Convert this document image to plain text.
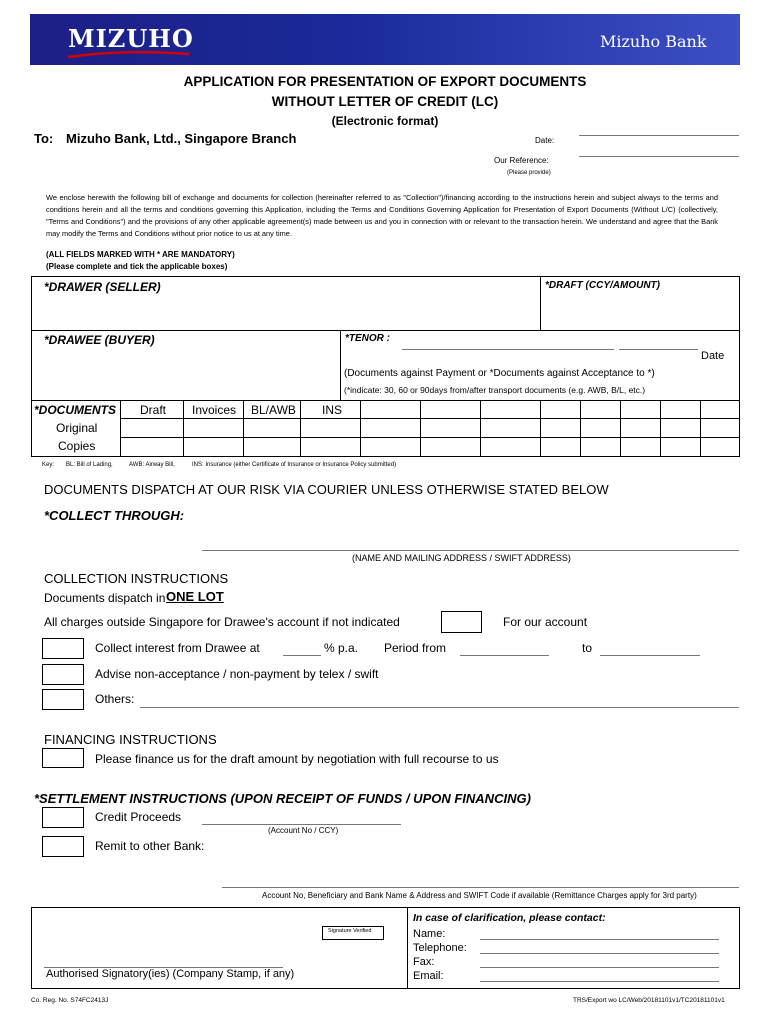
MIZUHO	Mizuho Bank
APPLICATION FOR PRESENTATION OF EXPORT DOCUMENTS
WITHOUT LETTER OF CREDIT (LC)
(Electronic format)
To: Mizuho Bank, Ltd., Singapore Branch	Date:
Our Reference:
(Please provide)
We enclose herewith the following bill of exchange and documents for collection (hereinafter referred to as "Collection")/financing according to the instructions herein and subject always to the terms and conditions herein and all the terms and conditions governing this Application, including the Terms and Conditions Governing Application for Presentation of Export Documents (Without L/C) (collectively, "Terms and Conditions") and the provisions of any other applicable agreement(s) made between us and you in connection with or relevant to the transaction herein. We understand and agree that the Bank may modify the Terms and Conditions without prior notice to us at any time.
(ALL FIELDS MARKED WITH * ARE MANDATORY)
(Please complete and tick the applicable boxes)
*DRAWER (SELLER)	*DRAFT (CCY/AMOUNT)
*DRAWEE (BUYER)	*TENOR :
Date
(Documents against Payment or *Documents against Acceptance to *)
(*indicate: 30, 60 or 90days from/after transport documents (e.g. AWB, B/L, etc.)
*DOCUMENTS Draft Invoices BL/AWB INS
Original
Copies
Key: BL: Bill of Lading,	AWB: Airway Bill,	INS: Insurance (either Certificate of Insurance or Insurance Policy submitted)
DOCUMENTS DISPATCH AT OUR RISK VIA COURIER UNLESS OTHERWISE STATED BELOW
*COLLECT THROUGH:
(NAME AND MAILING ADDRESS / SWIFT ADDRESS)
COLLECTION INSTRUCTIONS
Documents dispatch in ONE LOT
All charges outside Singapore for Drawee's account if not indicated	For our account
Collect interest from Drawee at	% p.a. Period from	to
Advise non-acceptance / non-payment by telex / swift
Others:
FINANCING INSTRUCTIONS
Please finance us for the draft amount by negotiation with full recourse to us
*SETTLEMENT INSTRUCTIONS (UPON RECEIPT OF FUNDS / UPON FINANCING)
Credit Proceeds
(Account No / CCY)
Remit to other Bank:
Account No, Beneficiary and Bank Name & Address and SWIFT Code if available (Remittance Charges apply for 3rd party)
Signature Verified
Authorised Signatory(ies) (Company Stamp, if any)
In case of clarification, please contact:
Name:
Telephone:
Fax:
Email:
Co. Reg. No. S74FC2413J	TRS/Export wo LC/Web/20181101v1/TC20181101v1
